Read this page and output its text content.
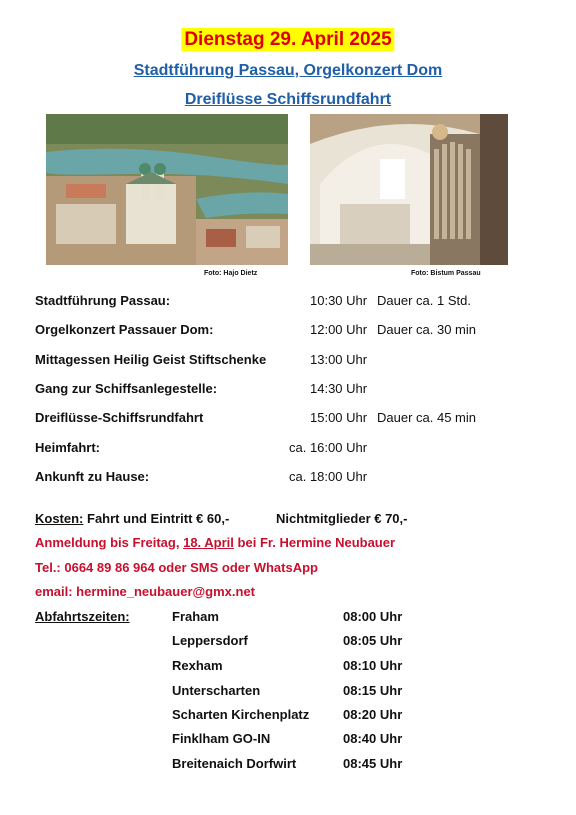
Dienstag 29. April 2025
Stadtführung Passau, Orgelkonzert Dom
Dreiflüsse Schiffsrundfahrt
Foto: Hajo Dietz	Foto: Bistum Passau
Stadtführung Passau:	10:30 Uhr Dauer ca. 1 Std.
Orgelkonzert Passauer Dom:	12:00 Uhr Dauer ca. 30 min
Mittagessen Heilig Geist Stiftschenke	13:00 Uhr
Gang zur Schiffsanlegestelle:	14:30 Uhr
Dreiflüsse-Schiffsrundfahrt	15:00 Uhr Dauer ca. 45 min
Heimfahrt:	ca. 16:00 Uhr
Ankunft zu Hause:	ca. 18:00 Uhr
Kosten: Fahrt und Eintritt € 60,-	Nichtmitglieder € 70,-
Anmeldung bis Freitag, 18. April bei Fr. Hermine Neubauer
Tel.: 0664 89 86 964 oder SMS oder WhatsApp
email: hermine_neubauer@gmx.net
Abfahrtszeiten:	Fraham	08:00 Uhr
Leppersdorf	08:05 Uhr
Rexham	08:10 Uhr
Unterscharten	08:15 Uhr
Scharten Kirchenplatz	08:20 Uhr
Finklham GO-IN	08:40 Uhr
Breitenaich Dorfwirt	08:45 Uhr
